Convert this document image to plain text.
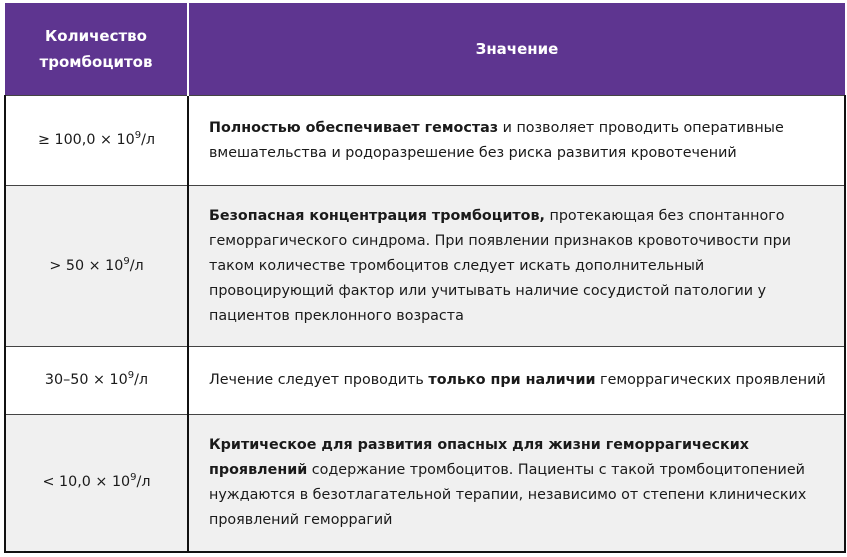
Количество
тромбоцитов	Значение
≥ $100,0 \times 10^9/л$	Полностью обеспечивает гемостаз и позволяет проводить оперативные вмешательства и родоразрешение без риска развития кровотечений
> $50 \times 10^9/л$	Безопасная концентрация тромбоцитов, протекающая без спонтанного геморрагического синдрома. При появлении признаков кровоточивости при таком количестве тромбоцитов следует искать дополнительный провоцирующий фактор или учитывать наличие сосудистой патологии у пациентов преклонного возраста
$30-50 \times 10^9/л$	Лечение следует проводить только при наличии геморрагических проявлений
< $10,0 \times 10^9/л$	Критическое для развития опасных для жизни геморрагических проявлений содержание тромбоцитов. Пациенты с такой тромбоцитопенией нуждаются в безотлагательной терапии, независимо от степени клинических проявлений геморрагий
